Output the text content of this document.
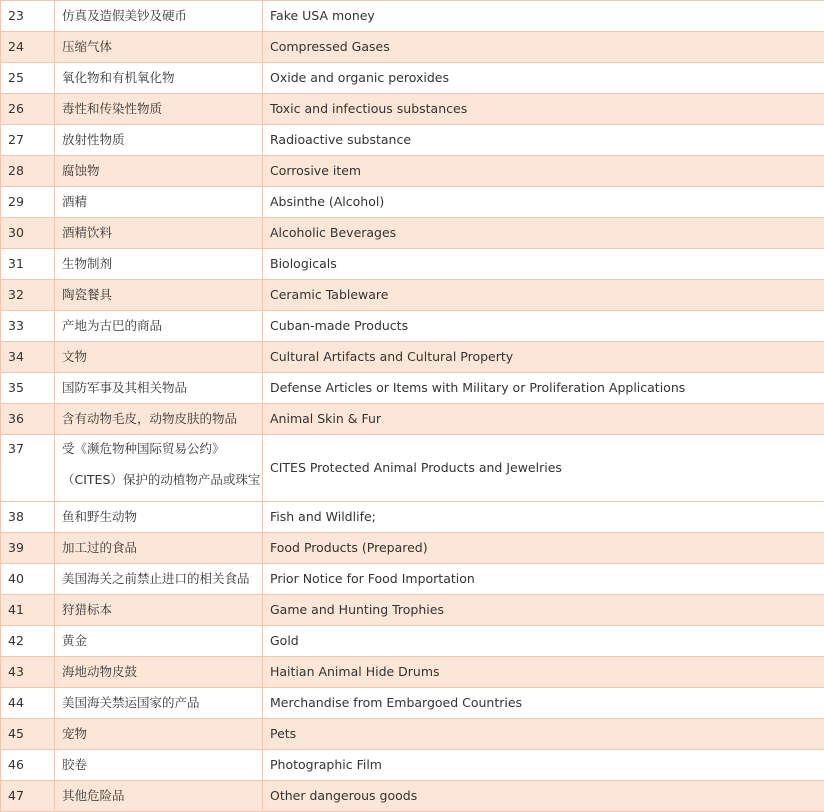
23	仿真及造假美钞及硬币	Fake USA money
24	压缩气体	Compressed Gases
25	氧化物和有机氧化物	Oxide and organic peroxides
26	毒性和传染性物质	Toxic and infectious substances
27	放射性物质	Radioactive substance
28	腐蚀物	Corrosive item
29	酒精	Absinthe (Alcohol)
30	酒精饮料	Alcoholic Beverages
31	生物制剂	Biologicals
32	陶瓷餐具	Ceramic Tableware
33	产地为古巴的商品	Cuban-made Products
34	文物	Cultural Artifacts and Cultural Property
35	国防军事及其相关物品	Defense Articles or Items with Military or Proliferation Applications
36	含有动物毛皮，动物皮肤的物品	Animal Skin & Fur
37	受《濒危物种国际贸易公约》
（CITES）保护的动植物产品或珠宝	CITES Protected Animal Products and Jewelries
38	鱼和野生动物	Fish and Wildlife;
39	加工过的食品	Food Products (Prepared)
40	美国海关之前禁止进口的相关食品	Prior Notice for Food Importation
41	狩猎标本	Game and Hunting Trophies
42	黄金	Gold
43	海地动物皮鼓	Haitian Animal Hide Drums
44	美国海关禁运国家的产品	Merchandise from Embargoed Countries
45	宠物	Pets
46	胶卷	Photographic Film
47	其他危险品	Other dangerous goods
